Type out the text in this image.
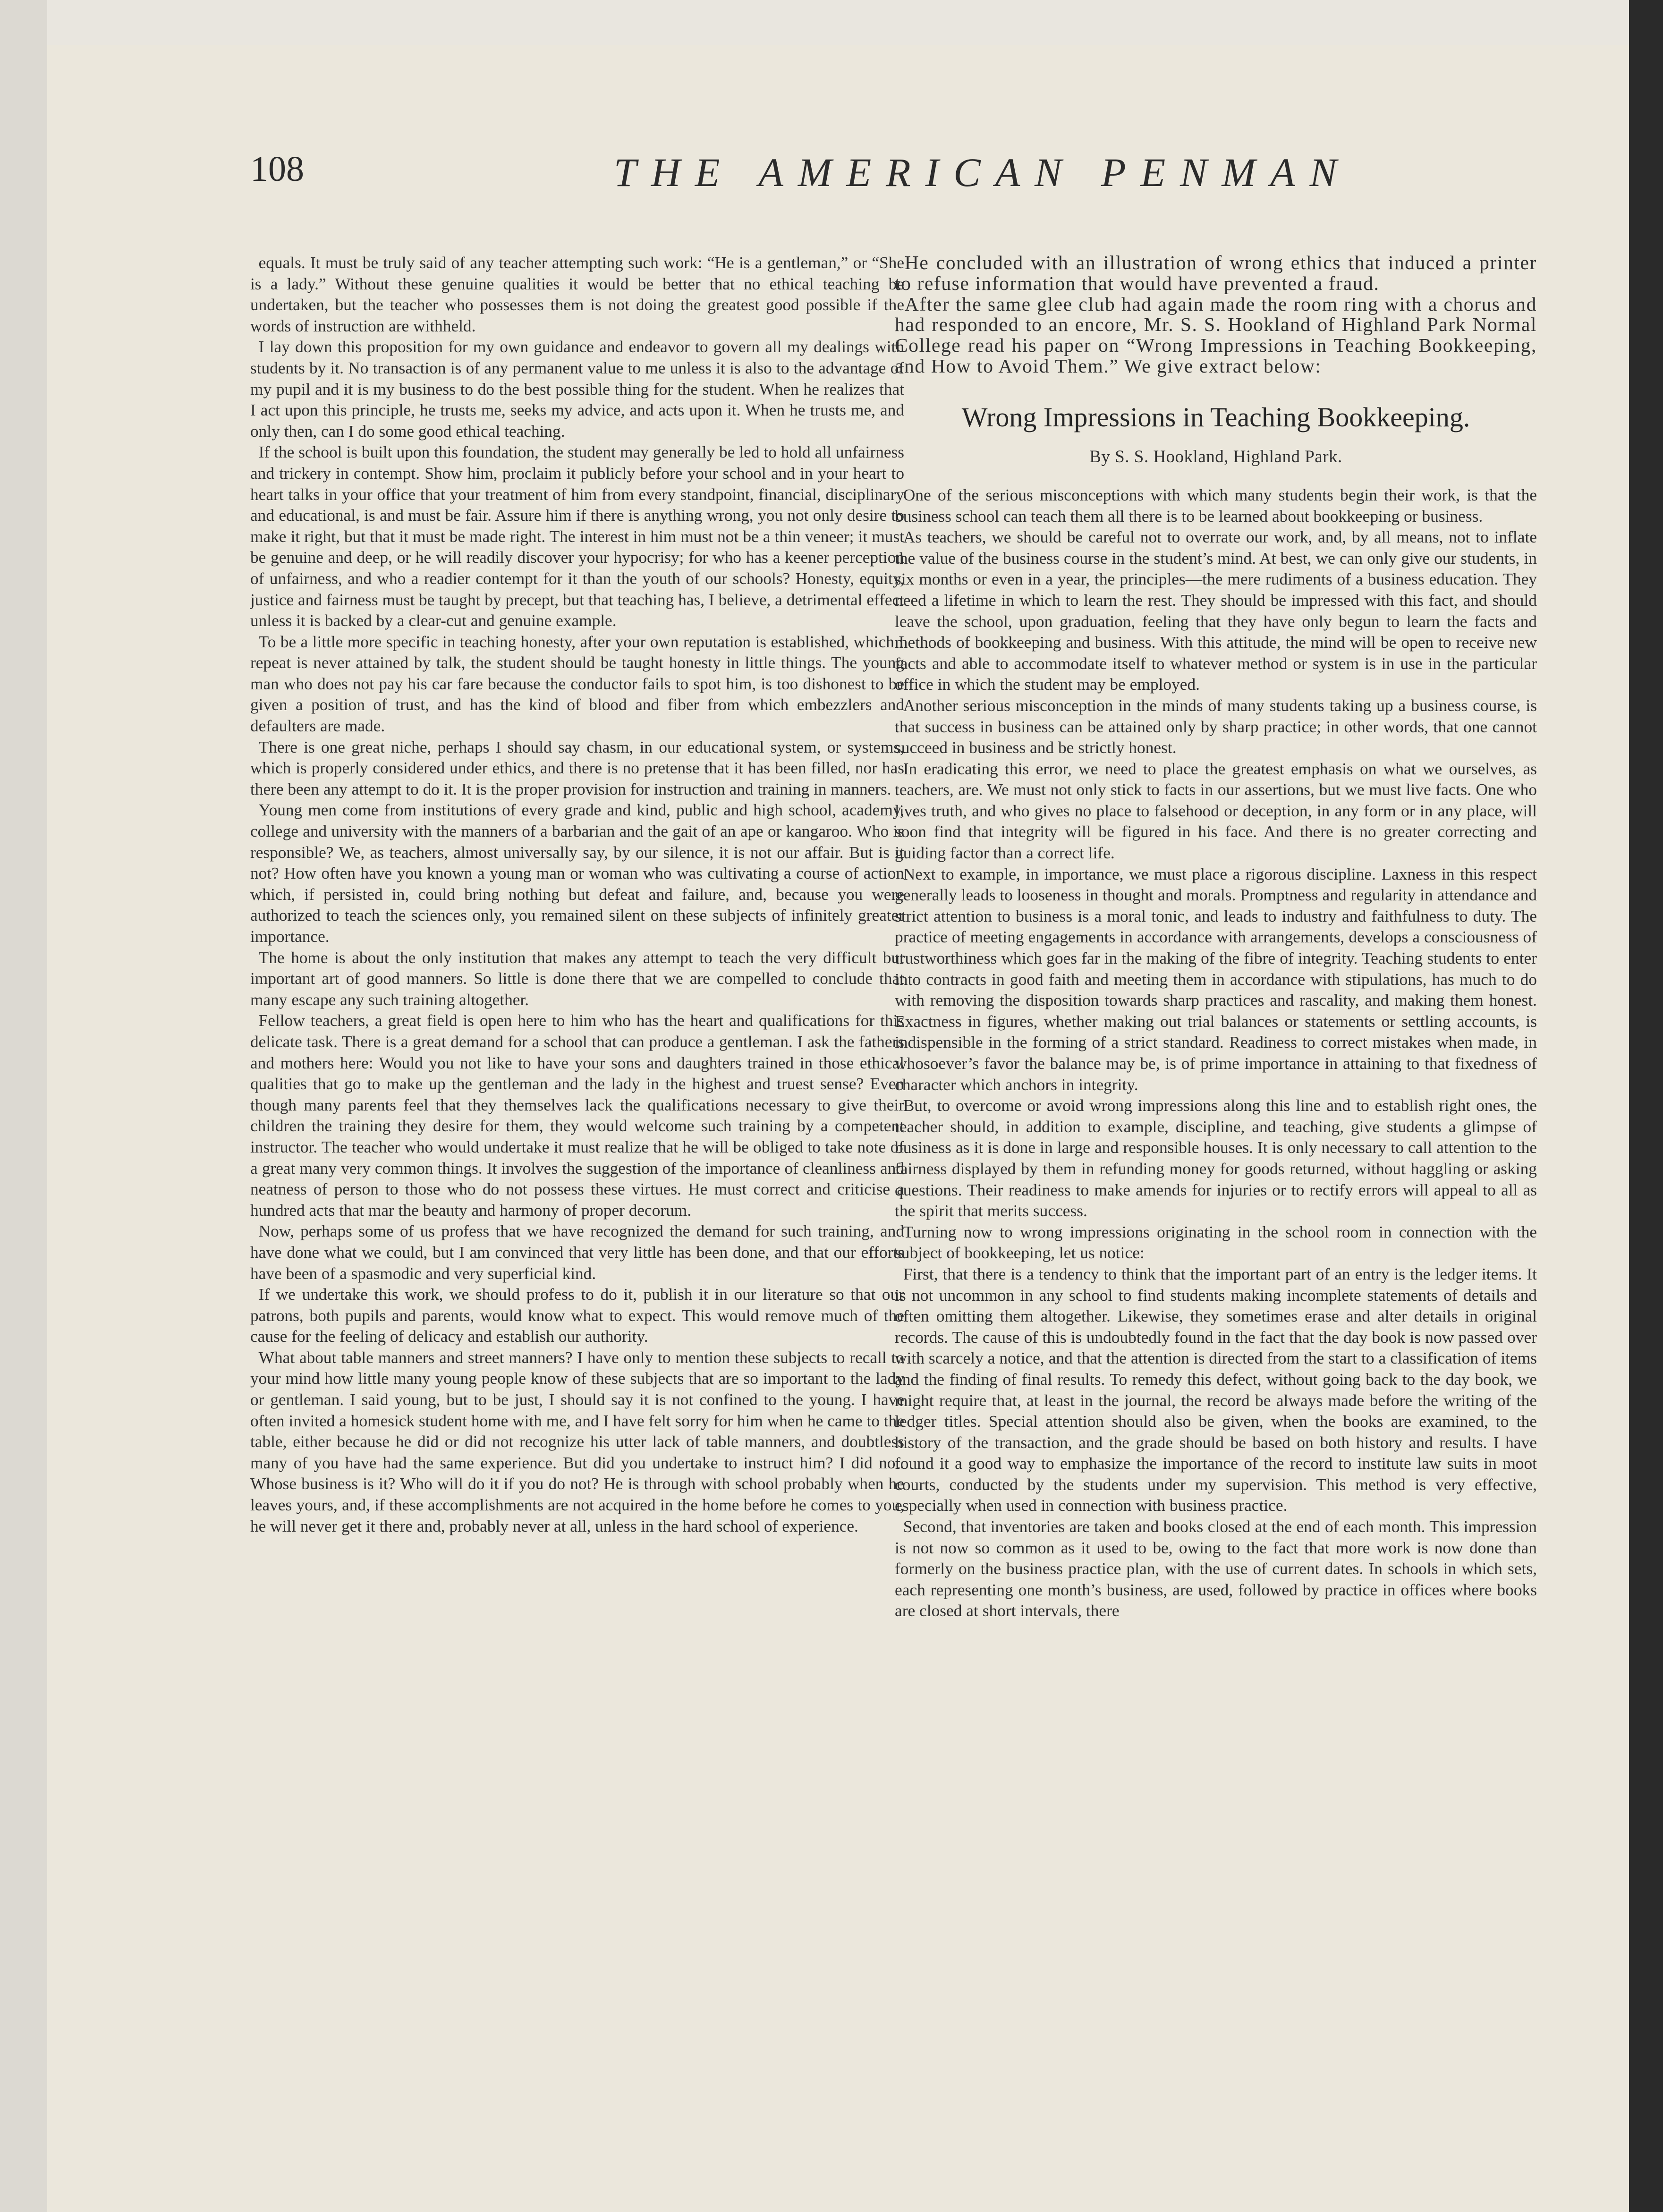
108	THE AMERICAN PENMAN

equals. It must be truly said of any teacher attempting such work: “He is a gentleman,” or “She is a lady.” Without these genuine qualities it would be better that no ethical teaching be undertaken, but the teacher who possesses them is not doing the greatest good possible if the words of instruction are withheld.

I lay down this proposition for my own guidance and endeavor to govern all my dealings with students by it. No transaction is of any permanent value to me unless it is also to the advantage of my pupil and it is my business to do the best possible thing for the student. When he realizes that I act upon this principle, he trusts me, seeks my advice, and acts upon it. When he trusts me, and only then, can I do some good ethical teaching.

If the school is built upon this foundation, the student may generally be led to hold all unfairness and trickery in contempt. Show him, proclaim it publicly before your school and in your heart to heart talks in your office that your treatment of him from every standpoint, financial, disciplinary and educational, is and must be fair. Assure him if there is anything wrong, you not only desire to make it right, but that it must be made right. The interest in him must not be a thin veneer; it must be genuine and deep, or he will readily discover your hypocrisy; for who has a keener perception of unfairness, and who a readier contempt for it than the youth of our schools? Honesty, equity, justice and fairness must be taught by precept, but that teaching has, I believe, a detrimental effect unless it is backed by a clear-cut and genuine example.

To be a little more specific in teaching honesty, after your own reputation is established, which I repeat is never attained by talk, the student should be taught honesty in little things. The young man who does not pay his car fare because the conductor fails to spot him, is too dishonest to be given a position of trust, and has the kind of blood and fiber from which embezzlers and defaulters are made.

There is one great niche, perhaps I should say chasm, in our educational system, or systems, which is properly considered under ethics, and there is no pretense that it has been filled, nor has there been any attempt to do it. It is the proper provision for instruction and training in manners.

Young men come from institutions of every grade and kind, public and high school, academy, college and university with the manners of a barbarian and the gait of an ape or kangaroo. Who is responsible? We, as teachers, almost universally say, by our silence, it is not our affair. But is it not? How often have you known a young man or woman who was cultivating a course of action which, if persisted in, could bring nothing but defeat and failure, and, because you were authorized to teach the sciences only, you remained silent on these subjects of infinitely greater importance.

The home is about the only institution that makes any attempt to teach the very difficult but important art of good manners. So little is done there that we are compelled to conclude that many escape any such training altogether.

Fellow teachers, a great field is open here to him who has the heart and qualifications for this delicate task. There is a great demand for a school that can produce a gentleman. I ask the fathers and mothers here: Would you not like to have your sons and daughters trained in those ethical qualities that go to make up the gentleman and the lady in the highest and truest sense? Even though many parents feel that they themselves lack the qualifications necessary to give their children the training they desire for them, they would welcome such training by a competent instructor. The teacher who would undertake it must realize that he will be obliged to take note of a great many very common things. It involves the suggestion of the importance of cleanliness and neatness of person to those who do not possess these virtues. He must correct and criticise a hundred acts that mar the beauty and harmony of proper decorum.

Now, perhaps some of us profess that we have recognized the demand for such training, and have done what we could, but I am convinced that very little has been done, and that our efforts have been of a spasmodic and very superficial kind.

If we undertake this work, we should profess to do it, publish it in our literature so that our patrons, both pupils and parents, would know what to expect. This would remove much of the cause for the feeling of delicacy and establish our authority.

What about table manners and street manners? I have only to mention these subjects to recall to your mind how little many young people know of these subjects that are so important to the lady or gentleman. I said young, but to be just, I should say it is not confined to the young. I have often invited a homesick student home with me, and I have felt sorry for him when he came to the table, either because he did or did not recognize his utter lack of table manners, and doubtless many of you have had the same experience. But did you undertake to instruct him? I did not. Whose business is it? Who will do it if you do not? He is through with school probably when he leaves yours, and, if these accomplishments are not acquired in the home before he comes to you, he will never get it there and, probably never at all, unless in the hard school of experience.

He concluded with an illustration of wrong ethics that induced a printer to refuse information that would have prevented a fraud.

After the same glee club had again made the room ring with a chorus and had responded to an encore, Mr. S. S. Hookland of Highland Park Normal College read his paper on “Wrong Impressions in Teaching Bookkeeping, and How to Avoid Them.” We give extract below:

Wrong Impressions in Teaching Bookkeeping.
By S. S. Hookland, Highland Park.

One of the serious misconceptions with which many students begin their work, is that the business school can teach them all there is to be learned about bookkeeping or business.

As teachers, we should be careful not to overrate our work, and, by all means, not to inflate the value of the business course in the student’s mind. At best, we can only give our students, in six months or even in a year, the principles—the mere rudiments of a business education. They need a lifetime in which to learn the rest. They should be impressed with this fact, and should leave the school, upon graduation, feeling that they have only begun to learn the facts and methods of bookkeeping and business. With this attitude, the mind will be open to receive new facts and able to accommodate itself to whatever method or system is in use in the particular office in which the student may be employed.

Another serious misconception in the minds of many students taking up a business course, is that success in business can be attained only by sharp practice; in other words, that one cannot succeed in business and be strictly honest.

In eradicating this error, we need to place the greatest emphasis on what we ourselves, as teachers, are. We must not only stick to facts in our assertions, but we must live facts. One who lives truth, and who gives no place to falsehood or deception, in any form or in any place, will soon find that integrity will be figured in his face. And there is no greater correcting and guiding factor than a correct life.

Next to example, in importance, we must place a rigorous discipline. Laxness in this respect generally leads to looseness in thought and morals. Promptness and regularity in attendance and strict attention to business is a moral tonic, and leads to industry and faithfulness to duty. The practice of meeting engagements in accordance with arrangements, develops a consciousness of trustworthiness which goes far in the making of the fibre of integrity. Teaching students to enter into contracts in good faith and meeting them in accordance with stipulations, has much to do with removing the disposition towards sharp practices and rascality, and making them honest. Exactness in figures, whether making out trial balances or statements or settling accounts, is indispensible in the forming of a strict standard. Readiness to correct mistakes when made, in whosoever’s favor the balance may be, is of prime importance in attaining to that fixedness of character which anchors in integrity.

But, to overcome or avoid wrong impressions along this line and to establish right ones, the teacher should, in addition to example, discipline, and teaching, give students a glimpse of business as it is done in large and responsible houses. It is only necessary to call attention to the fairness displayed by them in refunding money for goods returned, without haggling or asking questions. Their readiness to make amends for injuries or to rectify errors will appeal to all as the spirit that merits success.

Turning now to wrong impressions originating in the school room in connection with the subject of bookkeeping, let us notice:

First, that there is a tendency to think that the important part of an entry is the ledger items. It is not uncommon in any school to find students making incomplete statements of details and often omitting them altogether. Likewise, they sometimes erase and alter details in original records. The cause of this is undoubtedly found in the fact that the day book is now passed over with scarcely a notice, and that the attention is directed from the start to a classification of items and the finding of final results. To remedy this defect, without going back to the day book, we might require that, at least in the journal, the record be always made before the writing of the ledger titles. Special attention should also be given, when the books are examined, to the history of the transaction, and the grade should be based on both history and results. I have found it a good way to emphasize the importance of the record to institute law suits in moot courts, conducted by the students under my supervision. This method is very effective, especially when used in connection with business practice.

Second, that inventories are taken and books closed at the end of each month. This impression is not now so common as it used to be, owing to the fact that more work is now done than formerly on the business practice plan, with the use of current dates. In schools in which sets, each representing one month’s business, are used, followed by practice in offices where books are closed at short intervals, there
